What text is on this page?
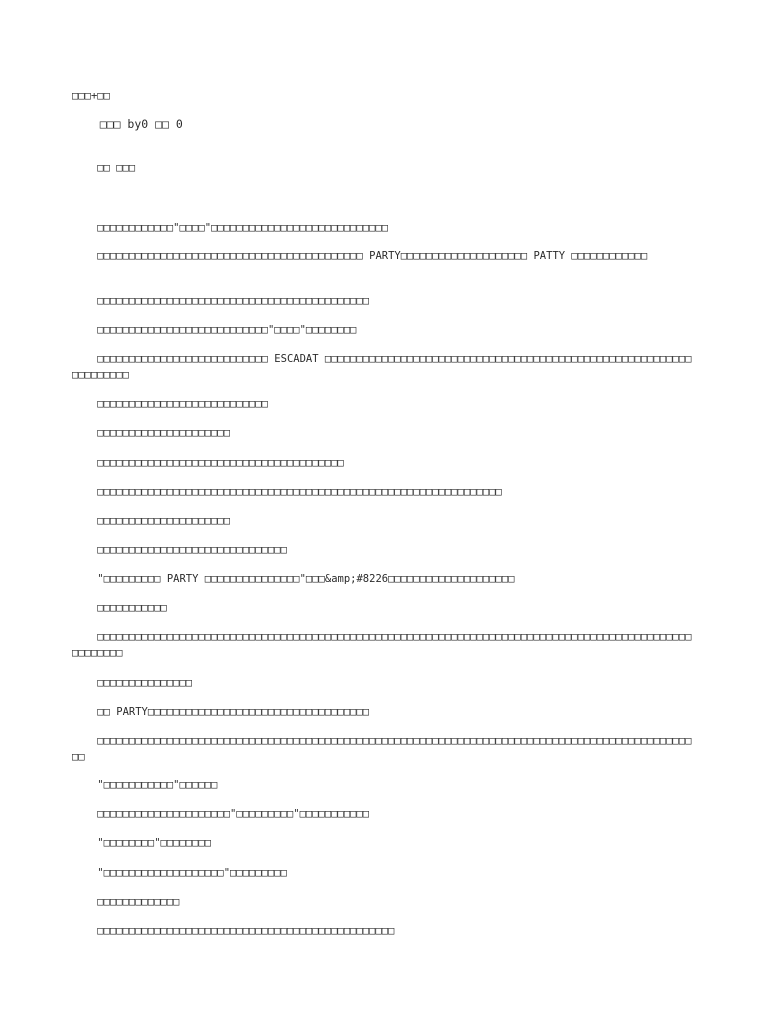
□□□+□□
□□□ by0 □□ 0
□□ □□□
□□□□□□□□□□□□"□□□□"□□□□□□□□□□□□□□□□□□□□□□□□□□□□
□□□□□□□□□□□□□□□□□□□□□□□□□□□□□□□□□□□□□□□□□□ PARTY□□□□□□□□□□□□□□□□□□□□ PATTY □□□□□□□□□□□□
□□□□□□□□□□□□□□□□□□□□□□□□□□□□□□□□□□□□□□□□□□□
□□□□□□□□□□□□□□□□□□□□□□□□□□□"□□□□"□□□□□□□□
□□□□□□□□□□□□□□□□□□□□□□□□□□□ ESCADAT □□□□□□□□□□□□□□□□□□□□□□□□□□□□□□□□□□□□□□□□□□□□□□□□□□□□□□□□□□□□□□□□□□□
□□□□□□□□□□□□□□□□□□□□□□□□□□□
□□□□□□□□□□□□□□□□□□□□□
□□□□□□□□□□□□□□□□□□□□□□□□□□□□□□□□□□□□□□□
□□□□□□□□□□□□□□□□□□□□□□□□□□□□□□□□□□□□□□□□□□□□□□□□□□□□□□□□□□□□□□□□
□□□□□□□□□□□□□□□□□□□□□
□□□□□□□□□□□□□□□□□□□□□□□□□□□□□□
"□□□□□□□□□ PARTY □□□□□□□□□□□□□□□"□□□&amp;#8226□□□□□□□□□□□□□□□□□□□□
□□□□□□□□□□□
□□□□□□□□□□□□□□□□□□□□□□□□□□□□□□□□□□□□□□□□□□□□□□□□□□□□□□□□□□□□□□□□□□□□□□□□□□□□□□□□□□□□□□□□□□□□□□□□□□□□□□
□□□□□□□□□□□□□□□
□□ PARTY□□□□□□□□□□□□□□□□□□□□□□□□□□□□□□□□□□□
□□□□□□□□□□□□□□□□□□□□□□□□□□□□□□□□□□□□□□□□□□□□□□□□□□□□□□□□□□□□□□□□□□□□□□□□□□□□□□□□□□□□□□□□□□□□□□□□
"□□□□□□□□□□□"□□□□□□
□□□□□□□□□□□□□□□□□□□□□"□□□□□□□□□"□□□□□□□□□□□
"□□□□□□□□"□□□□□□□□
"□□□□□□□□□□□□□□□□□□□"□□□□□□□□□
□□□□□□□□□□□□□
□□□□□□□□□□□□□□□□□□□□□□□□□□□□□□□□□□□□□□□□□□□□□□□
